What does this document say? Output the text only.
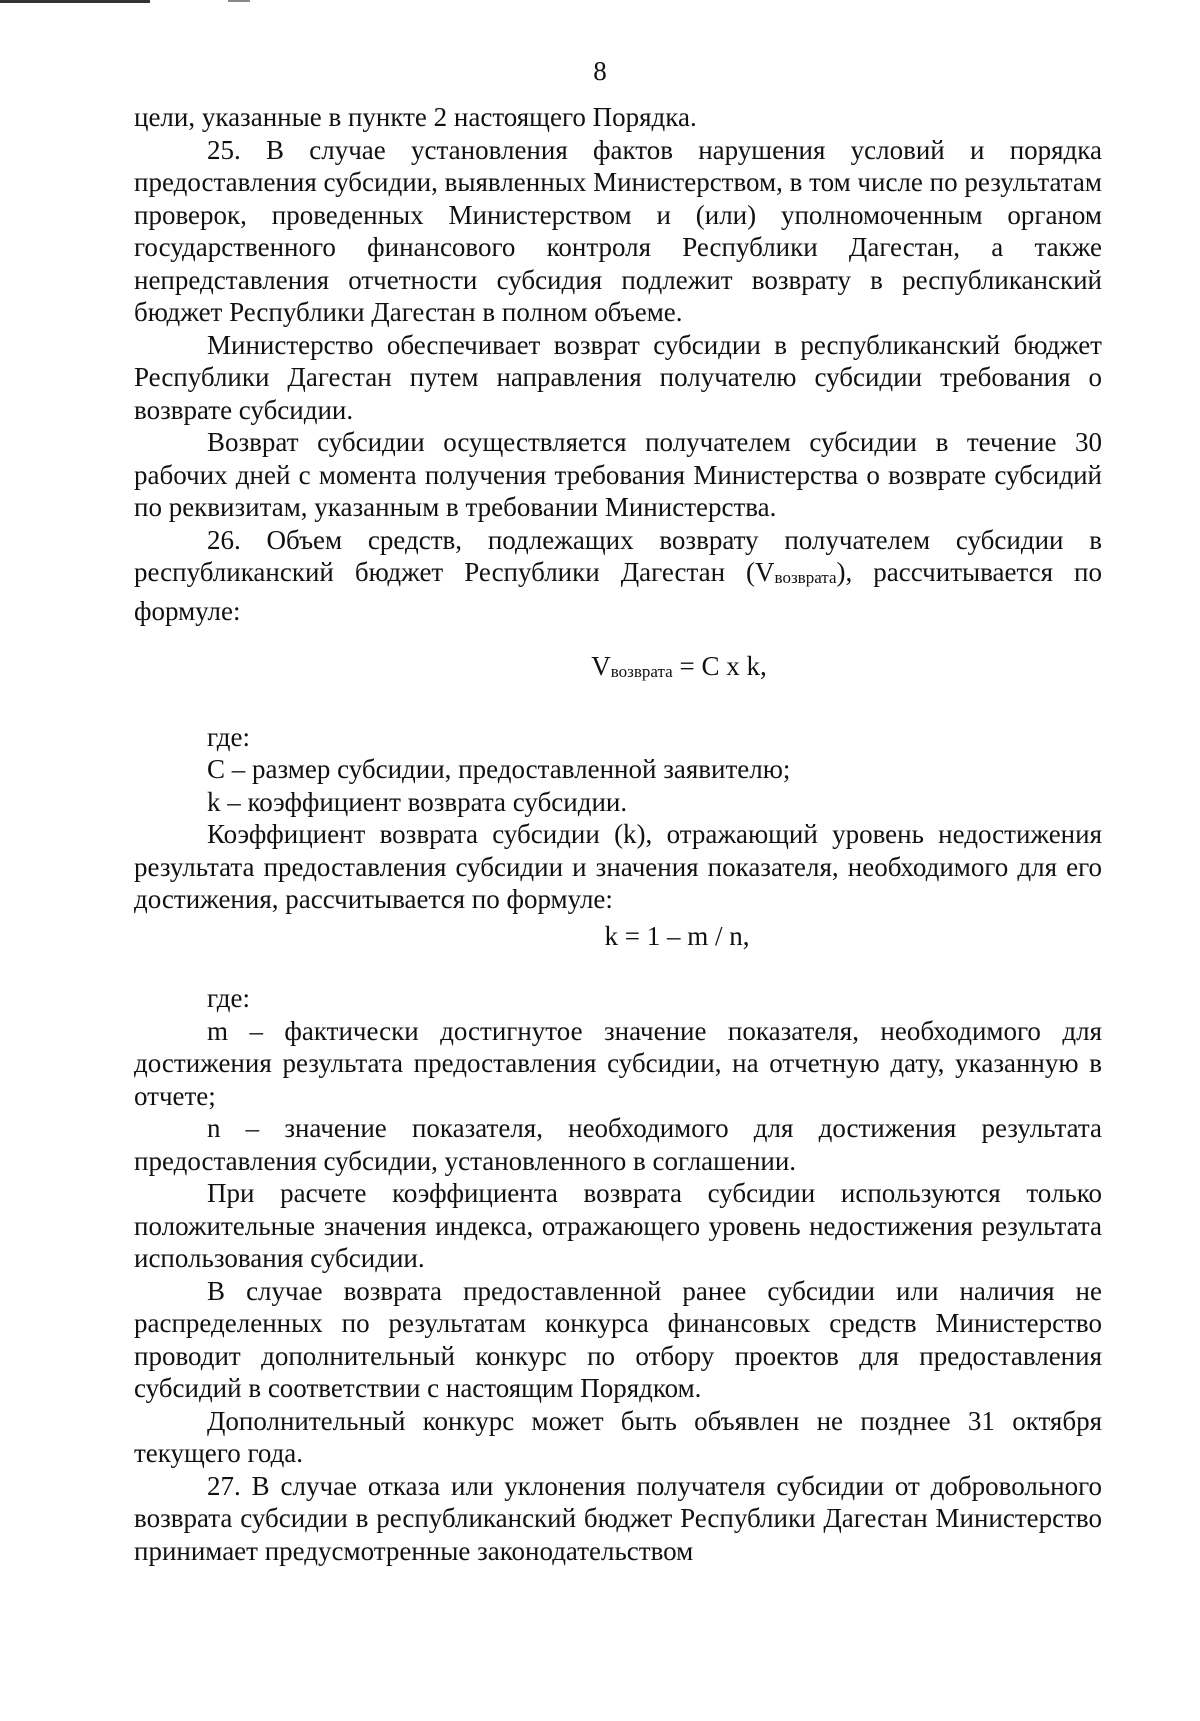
8

цели, указанные в пункте 2 настоящего Порядка.

25. В случае установления фактов нарушения условий и порядка предоставления субсидии, выявленных Министерством, в том числе по результатам проверок, проведенных Министерством и (или) уполномоченным органом государственного финансового контроля Республики Дагестан, а также непредставления отчетности субсидия подлежит возврату в республиканский бюджет Республики Дагестан в полном объеме.

Министерство обеспечивает возврат субсидии в республиканский бюджет Республики Дагестан путем направления получателю субсидии требования о возврате субсидии.

Возврат субсидии осуществляется получателем субсидии в течение 30 рабочих дней с момента получения требования Министерства о возврате субсидий по реквизитам, указанным в требовании Министерства.

26. Объем средств, подлежащих возврату получателем субсидии в республиканский бюджет Республики Дагестан $(V_{возврата})$, рассчитывается по формуле:

$V_{возврата} = C$ x k,

где:

С – размер субсидии, предоставленной заявителю;

k – коэффициент возврата субсидии.

Коэффициент возврата субсидии (k), отражающий уровень недостижения результата предоставления субсидии и значения показателя, необходимого для его достижения, рассчитывается по формуле:

k = 1 – m / n,

где:

m – фактически достигнутое значение показателя, необходимого для достижения результата предоставления субсидии, на отчетную дату, указанную в отчете;

n – значение показателя, необходимого для достижения результата предоставления субсидии, установленного в соглашении.

При расчете коэффициента возврата субсидии используются только положительные значения индекса, отражающего уровень недостижения результата использования субсидии.

В случае возврата предоставленной ранее субсидии или наличия не распределенных по результатам конкурса финансовых средств Министерство проводит дополнительный конкурс по отбору проектов для предоставления субсидий в соответствии с настоящим Порядком.

Дополнительный конкурс может быть объявлен не позднее 31 октября текущего года.

27. В случае отказа или уклонения получателя субсидии от добровольного возврата субсидии в республиканский бюджет Республики Дагестан Министерство принимает предусмотренные законодательством
